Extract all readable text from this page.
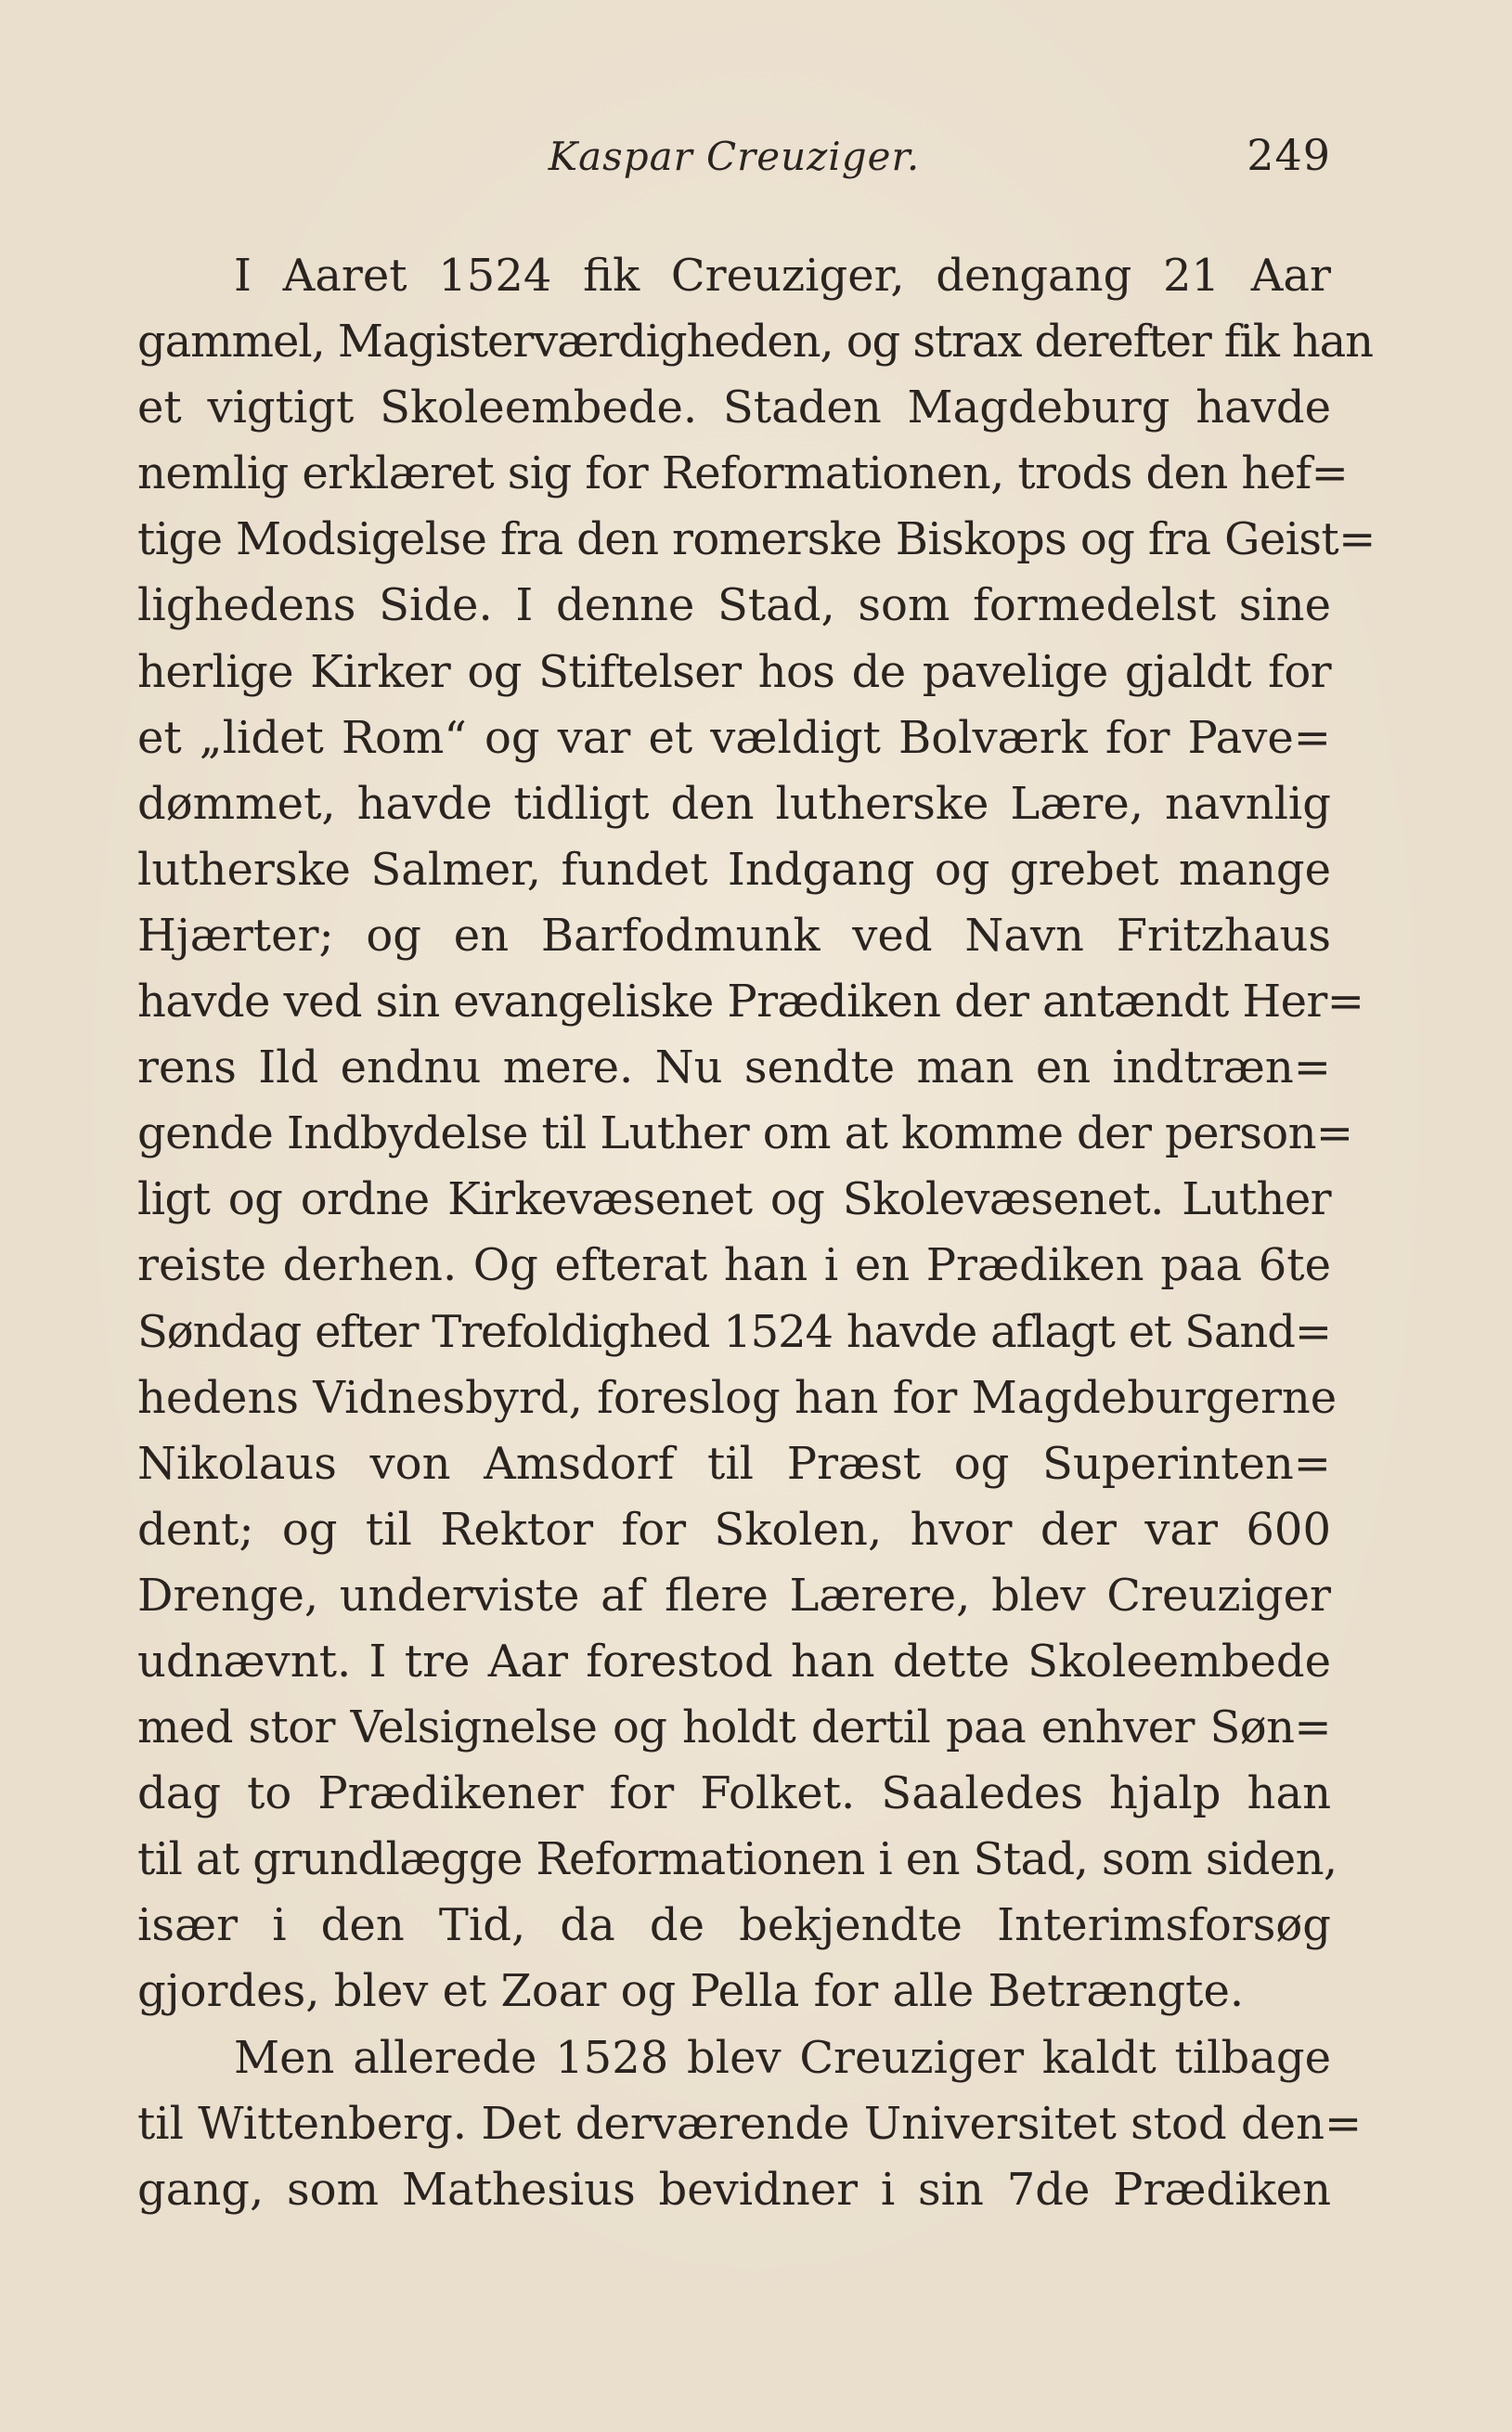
Kaspar Creuziger.	249
I Aaret 1524 fik Creuziger, dengang 21 Aar
gammel, Magisterværdigheden, og strax derefter fik han
et vigtigt Skoleembede. Staden Magdeburg havde
nemlig erklæret sig for Reformationen, trods den hef=
tige Modsigelse fra den romerske Biskops og fra Geist=
lighedens Side. I denne Stad, som formedelst sine
herlige Kirker og Stiftelser hos de pavelige gjaldt for
et „lidet Rom“ og var et vældigt Bolværk for Pave=
dømmet, havde tidligt den lutherske Lære, navnlig
lutherske Salmer, fundet Indgang og grebet mange
Hjærter; og en Barfodmunk ved Navn Fritzhaus
havde ved sin evangeliske Prædiken der antændt Her=
rens Ild endnu mere. Nu sendte man en indtræn=
gende Indbydelse til Luther om at komme der person=
ligt og ordne Kirkevæsenet og Skolevæsenet. Luther
reiste derhen. Og efterat han i en Prædiken paa 6te
Søndag efter Trefoldighed 1524 havde aflagt et Sand=
hedens Vidnesbyrd, foreslog han for Magdeburgerne
Nikolaus von Amsdorf til Præst og Superinten=
dent; og til Rektor for Skolen, hvor der var 600
Drenge, underviste af flere Lærere, blev Creuziger
udnævnt. I tre Aar forestod han dette Skoleembede
med stor Velsignelse og holdt dertil paa enhver Søn=
dag to Prædikener for Folket. Saaledes hjalp han
til at grundlægge Reformationen i en Stad, som siden,
især i den Tid, da de bekjendte Interimsforsøg
gjordes, blev et Zoar og Pella for alle Betrængte.
Men allerede 1528 blev Creuziger kaldt tilbage
til Wittenberg. Det derværende Universitet stod den=
gang, som Mathesius bevidner i sin 7de Prædiken
